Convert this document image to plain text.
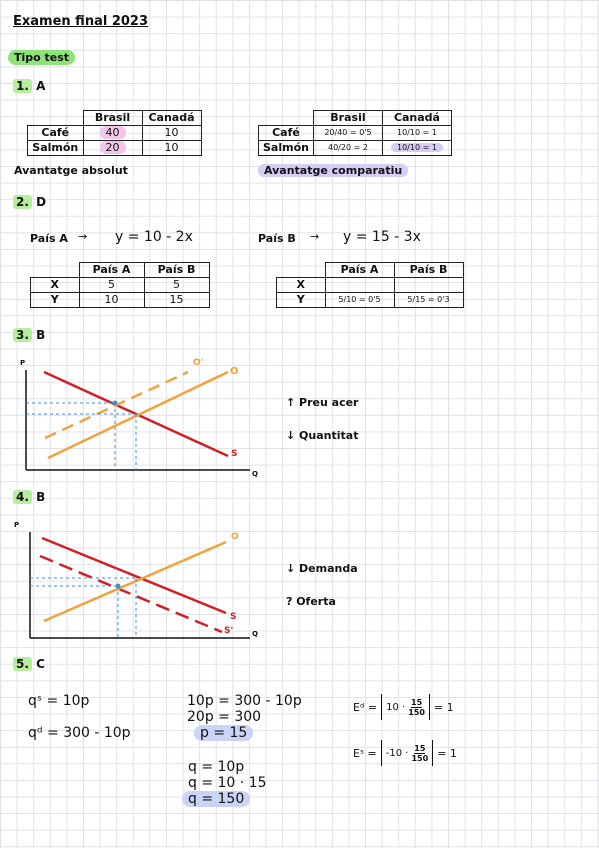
Examen final 2023
Tipo test
1. A
	Brasil	Canadá
Café	40	10
Salmón	20	10
Avantatge absolut
	Brasil	Canadá
Café	20/40 = 0'5	10/10 = 1
Salmón	40/20 = 2	10/10 = 1
Avantatge comparatiu
2. D
País A → y = 10 - 2x	País B → y = 15 - 3x
	País A	País B
X	5	5
Y	10	15
	País A	País B
X		
Y	5/10 = 0'5	5/15 = 0'3
3. B
P
Q
O
O'
S
↑ Preu acer
↓ Quantitat
4. B
P
Q
O
S
S'
↓ Demanda
? Oferta
5. C
qˢ = 10p
qᵈ = 300 - 10p
10p = 300 - 10p
20p = 300
p = 15
q = 10p
q = 10 · 15
q = 150
Eᵈ = 10 · 15
150 = 1
Eˢ = -10 · 15
150 = 1
